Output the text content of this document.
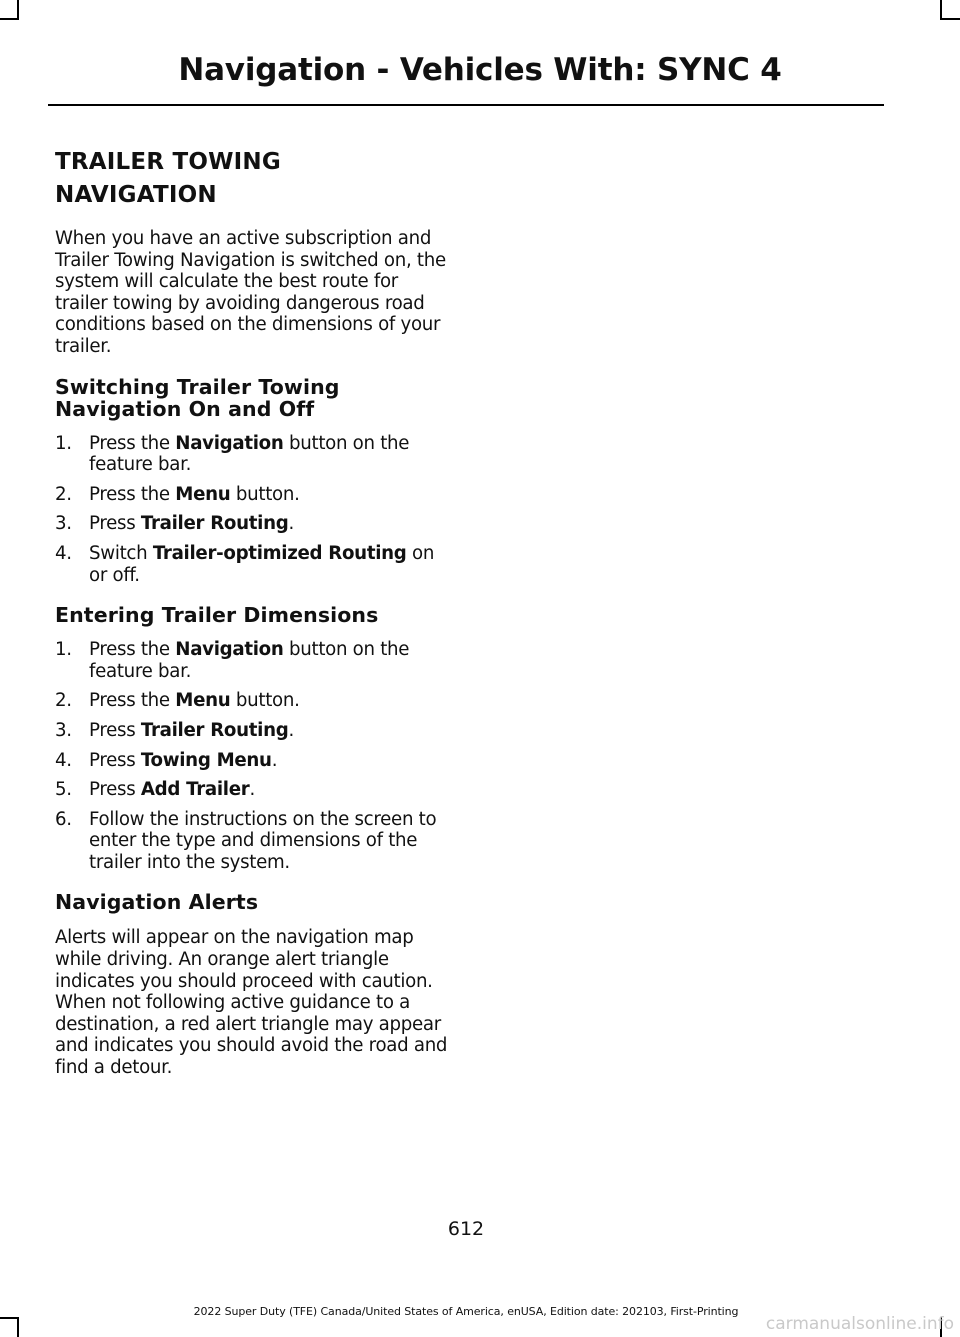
Navigation - Vehicles With: SYNC 4
TRAILER TOWING
NAVIGATION

When you have an active subscription and Trailer Towing Navigation is switched on, the system will calculate the best route for trailer towing by avoiding dangerous road conditions based on the dimensions of your trailer.

Switching Trailer Towing Navigation On and Off
1. Press the Navigation button on the feature bar.
2. Press the Menu button.
3. Press Trailer Routing.
4. Switch Trailer-optimized Routing on or off.
Entering Trailer Dimensions
1. Press the Navigation button on the feature bar.
2. Press the Menu button.
3. Press Trailer Routing.
4. Press Towing Menu.
5. Press Add Trailer.
6. Follow the instructions on the screen to enter the type and dimensions of the trailer into the system.
Navigation Alerts

Alerts will appear on the navigation map while driving. An orange alert triangle indicates you should proceed with caution. When not following active guidance to a destination, a red alert triangle may appear and indicates you should avoid the road and find a detour.

612
2022 Super Duty (TFE) Canada/United States of America, enUSA, Edition date: 202103, First-Printing
carmanualsonline.info
